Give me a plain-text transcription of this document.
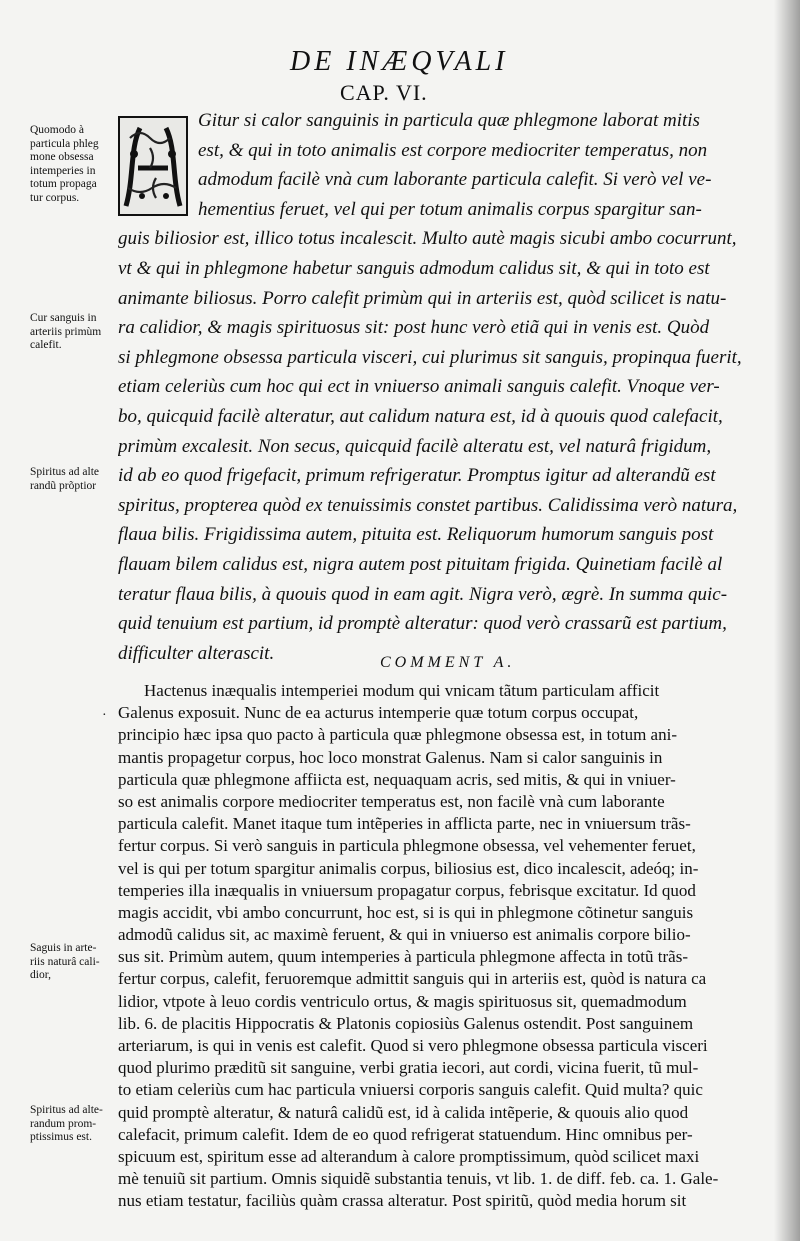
DE INÆQVALI
CAP. VI.
Gitur si calor sanguinis in particula quæ phlegmone laborat mitis
est, & qui in toto animalis est corpore mediocriter temperatus, non
admodum facilè vnà cum laborante particula calefit. Si verò vel ve-
hementius feruet, vel qui per totum animalis corpus spargitur san-
guis biliosior est, illico totus incalescit. Multo autè magis sicubi ambo cocurrunt,
vt & qui in phlegmone habetur sanguis admodum calidus sit, & qui in toto est
animante biliosus. Porro calefit primùm qui in arteriis est, quòd scilicet is natu-
ra calidior, & magis spirituosus sit: post hunc verò etiã qui in venis est. Quòd
si phlegmone obsessa particula visceri, cui plurimus sit sanguis, propinqua fuerit,
etiam celeriùs cum hoc qui ect in vniuerso animali sanguis calefit. Vnoque ver-
bo, quicquid facilè alteratur, aut calidum natura est, id à quouis quod calefacit,
primùm excalesit. Non secus, quicquid facilè alteratu est, vel naturâ frigidum,
id ab eo quod frigefacit, primum refrigeratur. Promptus igitur ad alterandũ est
spiritus, propterea quòd ex tenuissimis constet partibus. Calidissima verò natura,
flaua bilis. Frigidissima autem, pituita est. Reliquorum humorum sanguis post
flauam bilem calidus est, nigra autem post pituitam frigida. Quinetiam facilè al
teratur flaua bilis, à quouis quod in eam agit. Nigra verò, ægrè. In summa quic-
quid tenuium est partium, id promptè alteratur: quod verò crassarũ est partium,
difficulter alterascit.	COMMENT A.
Hactenus inæqualis intemperiei modum qui vnicam tãtum particulam afficit
Galenus exposuit. Nunc de ea acturus intemperie quæ totum corpus occupat,
principio hæc ipsa quo pacto à particula quæ phlegmone obsessa est, in totum ani-
mantis propagetur corpus, hoc loco monstrat Galenus. Nam si calor sanguinis in
particula quæ phlegmone affiicta est, nequaquam acris, sed mitis, & qui in vniuer-
so est animalis corpore mediocriter temperatus est, non facilè vnà cum laborante
particula calefit. Manet itaque tum intẽperies in afflicta parte, nec in vniuersum trãs-
fertur corpus. Si verò sanguis in particula phlegmone obsessa, vel vehementer feruet,
vel is qui per totum spargitur animalis corpus, biliosius est, dico incalescit, adeóq; in-
temperies illa inæqualis in vniuersum propagatur corpus, febrisque excitatur. Id quod
magis accidit, vbi ambo concurrunt, hoc est, si is qui in phlegmone cõtinetur sanguis
admodũ calidus sit, ac maximè feruent, & qui in vniuerso est animalis corpore bilio-
sus sit. Primùm autem, quum intemperies à particula phlegmone affecta in totũ trãs-
fertur corpus, calefit, feruoremque admittit sanguis qui in arteriis est, quòd is natura ca
lidior, vtpote à leuo cordis ventriculo ortus, & magis spirituosus sit, quemadmodum
lib. 6. de placitis Hippocratis & Platonis copiosiùs Galenus ostendit. Post sanguinem
arteriarum, is qui in venis est calefit. Quod si vero phlegmone obsessa particula visceri
quod plurimo præditũ sit sanguine, verbi gratia iecori, aut cordi, vicina fuerit, tũ mul-
to etiam celeriùs cum hac particula vniuersi corporis sanguis calefit. Quid multa? quic
quid promptè alteratur, & naturâ calidũ est, id à calida intẽperie, & quouis alio quod
calefacit, primum calefit. Idem de eo quod refrigerat statuendum. Hinc omnibus per-
spicuum est, spiritum esse ad alterandum à calore promptissimum, quòd scilicet maxi
mè tenuiũ sit partium. Omnis siquidẽ substantia tenuis, vt lib. 1. de diff. feb. ca. 1. Gale-
nus etiam testatur, faciliùs quàm crassa alteratur. Post spiritũ, quòd media horum sit
·
Quomodo à
particula phleg
mone obsessa
intemperies in
totum propaga
tur corpus.
Cur sanguis in
arteriis primùm
calefit.
Spiritus ad alte
randũ prõptior
Saguis in arte-
riis naturâ cali-
dior,
Spiritus ad alte-
randum prom-
ptissimus est.
